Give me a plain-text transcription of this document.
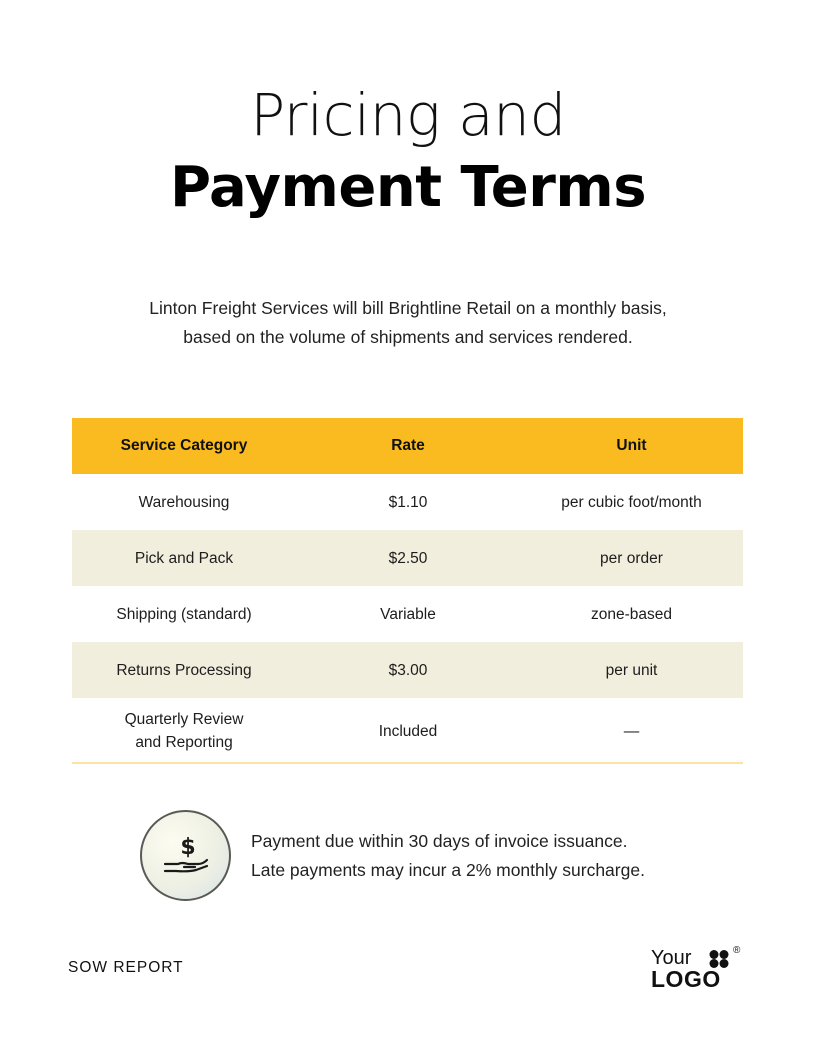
Pricing and
Payment Terms

Linton Freight Services will bill Brightline Retail on a monthly basis,
based on the volume of shipments and services rendered.

Service Category	Rate	Unit
Warehousing	$1.10	per cubic foot/month
Pick and Pack	$2.50	per order
Shipping (standard)	Variable	zone-based
Returns Processing	$3.00	per unit
Quarterly Review
and Reporting	Included	—
$	Payment due within 30 days of invoice issuance.
Late payments may incur a 2% monthly surcharge.
SOW REPORT	Your	®
LOGO
